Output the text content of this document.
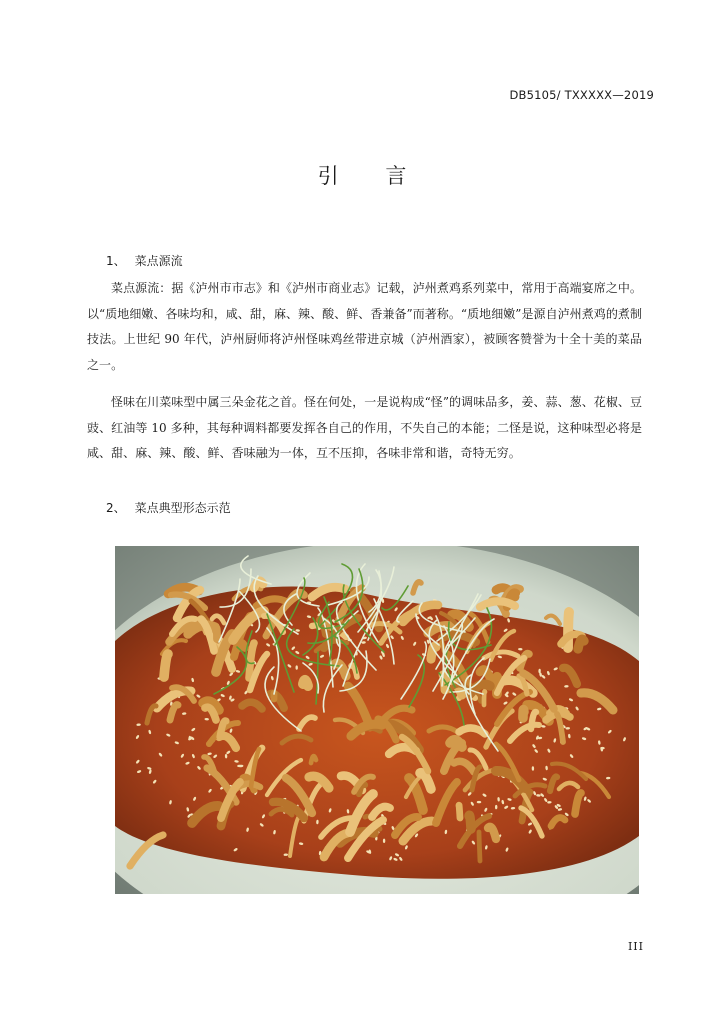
DB5105/ TXXXXX—2019
引 言
1、 菜点源流

菜点源流：据《泸州市市志》和《泸州市商业志》记载，泸州煮鸡系列菜中，常用于高端宴席之中。以“质地细嫩、各味均和，咸、甜，麻、辣、酸、鲜、香兼备”而著称。“质地细嫩”是源自泸州煮鸡的煮制技法。上世纪 90 年代，泸州厨师将泸州怪味鸡丝带进京城（泸州酒家），被顾客赞誉为十全十美的菜品之一。

怪味在川菜味型中属三朵金花之首。怪在何处，一是说构成“怪”的调味品多，姜、蒜、葱、花椒、豆豉、红油等 10 多种，其每种调料都要发挥各自己的作用，不失自己的本能；二怪是说，这种味型必将是咸、甜、麻、辣、酸、鲜、香味融为一体，互不压抑，各味非常和谐，奇特无穷。

2、 菜点典型形态示范
III
